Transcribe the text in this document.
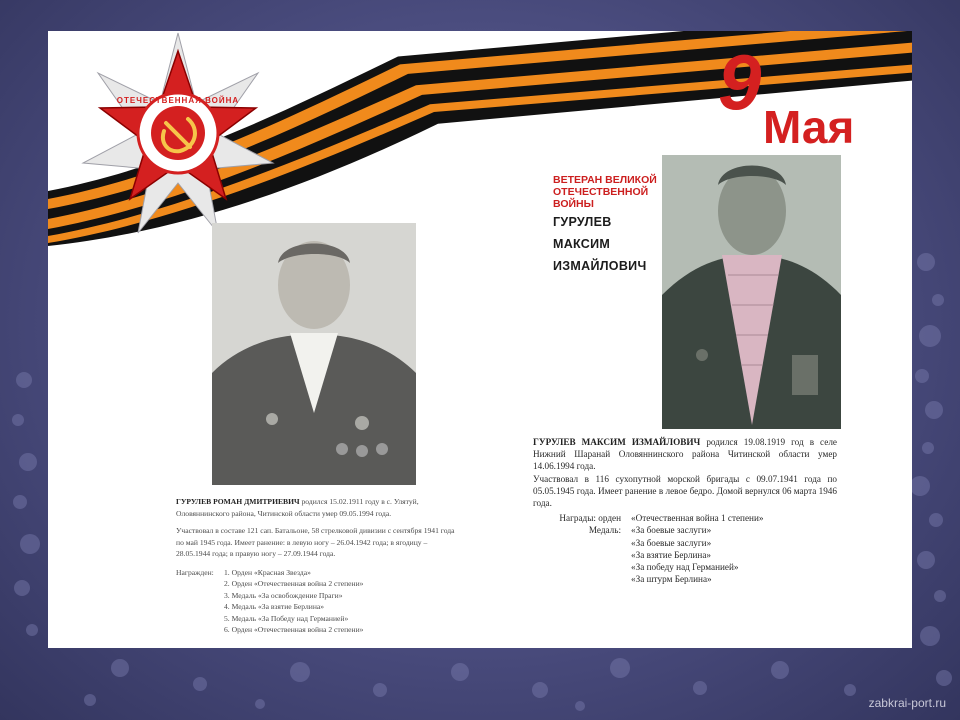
ОТЕЧЕСТВЕННАЯ ВОЙНА	9
Мая
ВЕТЕРАН ВЕЛИКОЙ
ОТЕЧЕСТВЕННОЙ
ВОЙНЫ
ГУРУЛЕВ
МАКСИМ
ИЗМАЙЛОВИЧ

ГУРУЛЕВ РОМАН ДМИТРИЕВИЧ родился 15.02.1911 году в с. Улятуй, Оловяннинского района, Читинской области умер 09.05.1994 года.

Участвовал в составе 121 сап. Батальоне, 58 стрелковой дивизии с сентября 1941 года по май 1945 года. Имеет ранение: в левую ногу – 26.04.1942 года; в ягодицу – 28.05.1944 года; в правую ногу – 27.09.1944 года.

Награжден:	1. Орден «Красная Звезда»
2. Орден «Отечественная война 2 степени»
3. Медаль «За освобождение Праги»
4. Медаль «За взятие Берлина»
5. Медаль «За Победу над Германией»
6. Орден «Отечественная война 2 степени»

ГУРУЛЕВ МАКСИМ ИЗМАЙЛОВИЧ родился 19.08.1919 год в селе Нижний Шаранай Оловяннинского района Читинской области умер 14.06.1994 года.

Участвовал в 116 сухопутной морской бригады с 09.07.1941 года по 05.05.1945 года. Имеет ранение в левое бедро. Домой вернулся 06 марта 1946 года.

Награды: орден	«Отечественная война 1 степени»
Медаль:	«За боевые заслуги»
«За боевые заслуги»
«За взятие Берлина»
«За победу над Германией»
«За штурм Берлина»
zabkrai-port.ru
